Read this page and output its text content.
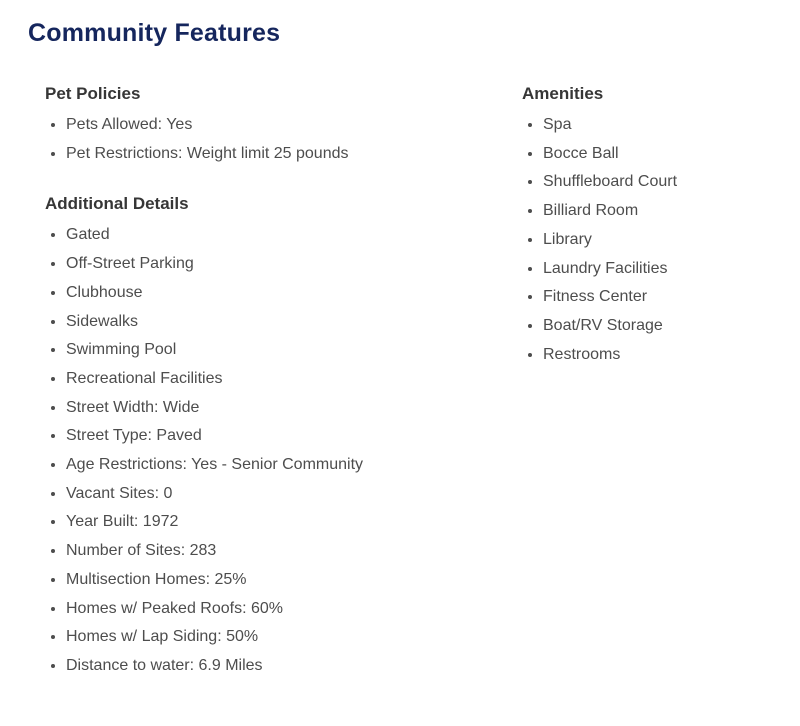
Community Features
Pet Policies
• Pets Allowed: Yes
• Pet Restrictions: Weight limit 25 pounds
Additional Details
• Gated
• Off-Street Parking
• Clubhouse
• Sidewalks
• Swimming Pool
• Recreational Facilities
• Street Width: Wide
• Street Type: Paved
• Age Restrictions: Yes - Senior Community
• Vacant Sites: 0
• Year Built: 1972
• Number of Sites: 283
• Multisection Homes: 25%
• Homes w/ Peaked Roofs: 60%
• Homes w/ Lap Siding: 50%
• Distance to water: 6.9 Miles
Amenities
• Spa
• Bocce Ball
• Shuffleboard Court
• Billiard Room
• Library
• Laundry Facilities
• Fitness Center
• Boat/RV Storage
• Restrooms
